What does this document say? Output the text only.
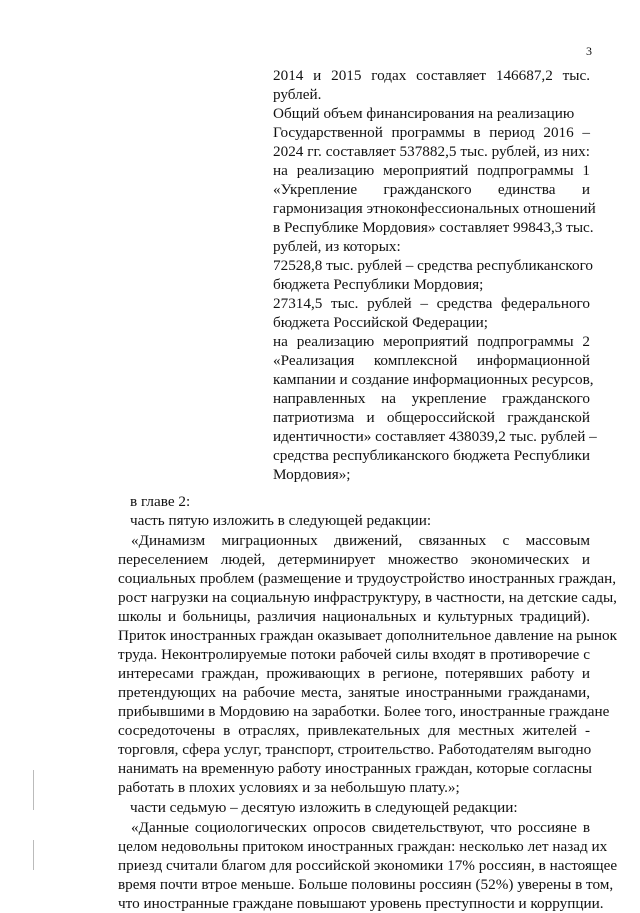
3
2014 и 2015 годах составляет 146687,2 тыс.
рублей.
Общий объем финансирования на реализацию
Государственной программы в период 2016 –
2024 гг. составляет 537882,5 тыс. рублей, из них:
на реализацию мероприятий подпрограммы 1
«Укрепление гражданского единства и
гармонизация этноконфессиональных отношений
в Республике Мордовия» составляет 99843,3 тыс.
рублей, из которых:
72528,8 тыс. рублей – средства республиканского
бюджета Республики Мордовия;
27314,5 тыс. рублей – средства федерального
бюджета Российской Федерации;
на реализацию мероприятий подпрограммы 2
«Реализация комплексной информационной
кампании и создание информационных ресурсов,
направленных на укрепление гражданского
патриотизма и общероссийской гражданской
идентичности» составляет 438039,2 тыс. рублей –
средства республиканского бюджета Республики
Мордовия»;
в главе 2:
часть пятую изложить в следующей редакции:
«Динамизм миграционных движений, связанных с массовым
переселением людей, детерминирует множество экономических и
социальных проблем (размещение и трудоустройство иностранных граждан,
рост нагрузки на социальную инфраструктуру, в частности, на детские сады,
школы и больницы, различия национальных и культурных традиций).
Приток иностранных граждан оказывает дополнительное давление на рынок
труда. Неконтролируемые потоки рабочей силы входят в противоречие с
интересами граждан, проживающих в регионе, потерявших работу и
претендующих на рабочие места, занятые иностранными гражданами,
прибывшими в Мордовию на заработки. Более того, иностранные граждане
сосредоточены в отраслях, привлекательных для местных жителей -
торговля, сфера услуг, транспорт, строительство. Работодателям выгодно
нанимать на временную работу иностранных граждан, которые согласны
работать в плохих условиях и за небольшую плату.»;
части седьмую – десятую изложить в следующей редакции:
«Данные социологических опросов свидетельствуют, что россияне в
целом недовольны притоком иностранных граждан: несколько лет назад их
приезд считали благом для российской экономики 17% россиян, в настоящее
время почти втрое меньше. Больше половины россиян (52%) уверены в том,
что иностранные граждане повышают уровень преступности и коррупции.
